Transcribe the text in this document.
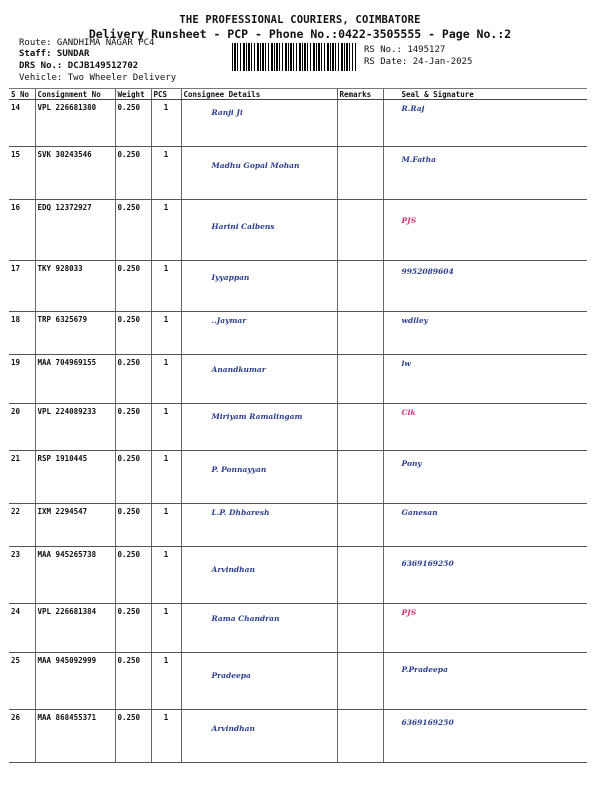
THE PROFESSIONAL COURIERS, COIMBATORE
Delivery Runsheet - PCP - Phone No.:0422-3505555 - Page No.:2
Route: GANDHIMA NAGAR PC4
Staff: SUNDAR
DRS No.: DCJB149512702
Vehicle: Two Wheeler Delivery
RS No.: 1495127
RS Date: 24-Jan-2025
S No	Consignment No	Weight	PCS	Consignee Details	Remarks	Seal & Signature
14	VPL 226681380	0.250	1	Ranji Ji		R.Raj
15	SVK 30243546	0.250	1	Madhu Gopal Mohan		M.Fatha
16	EDQ 12372927	0.250	1	Harini Calbens		PJS
17	TKY 928033	0.250	1	Iyyappan		9952089604
18	TRP 6325679	0.250	1	..Jaymar		wdlley
19	MAA 704969155	0.250	1	Anandkumar		lw
20	VPL 224089233	0.250	1	Miriyam Ramalingam		Clk
21	RSP 1910445	0.250	1	P. Ponnayyan		Pony
22	IXM 2294547	0.250	1	L.P. Dhbaresh		Ganesan
23	MAA 945265738	0.250	1	Arvindhan		6369169250
24	VPL 226681384	0.250	1	Rama Chandran		PJS
25	MAA 945092999	0.250	1	Pradeepa		P.Pradeepa
26	MAA 868455371	0.250	1	Arvindhan		6369169250
